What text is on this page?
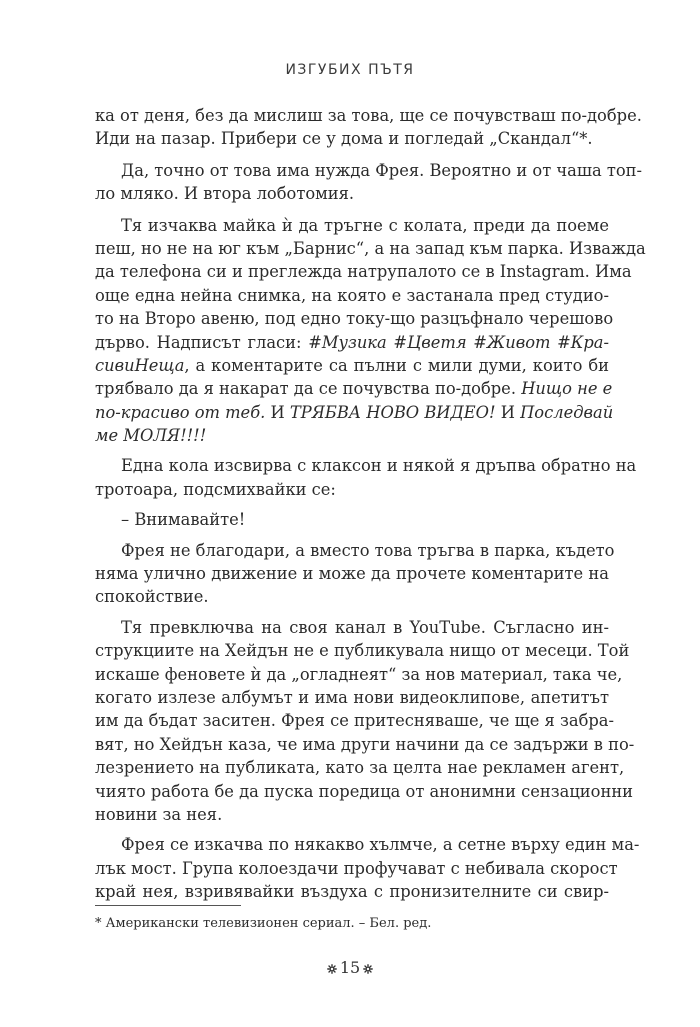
ИЗГУБИХ ПЪТЯ
ка от деня, без да мислиш за това, ще се почувстваш по-добре.
Иди на пазар. Прибери се у дома и погледай „Скандал“*.
Да, точно от това има нужда Фрея. Вероятно и от чаша топ-
ло мляко. И втора лоботомия.
Тя изчаква майка ѝ да тръгне с колата, преди да поеме
пеш, но не на юг към „Барнис“, а на запад към парка. Изважда
да телефона си и преглежда натрупалото се в Instagram. Има
още една нейна снимка, на която е застанала пред студио-
то на Второ авеню, под едно току-що разцъфнало черешово
дърво. Надписът гласи: #Музика #Цветя #Живот #Кра-
сивиНеща, а коментарите са пълни с мили думи, които би
трябвало да я накарат да се почувства по-добре. Нищо не е
по-красиво от теб. И ТРЯБВА НОВО ВИДЕО! И Последвай
ме МОЛЯ!!!!
Една кола изсвирва с клаксон и някой я дръпва обратно на
тротоара, подсмихвайки се:
– Внимавайте!
Фрея не благодари, а вместо това тръгва в парка, където
няма улично движение и може да прочете коментарите на
спокойствие.
Тя превключва на своя канал в YouTube. Съгласно ин-
струкциите на Хейдън не е публикувала нищо от месеци. Той
искаше феновете ѝ да „огладнеят“ за нов материал, така че,
когато излезе албумът и има нови видеоклипове, апетитът
им да бъдат заситен. Фрея се притесняваше, че ще я забра-
вят, но Хейдън каза, че има други начини да се задържи в по-
лезрението на публиката, като за целта нае рекламен агент,
чиято работа бе да пуска поредица от анонимни сензационни
новини за нея.
Фрея се изкачва по някакво хълмче, а сетне върху един ма-
лък мост. Група колоездачи профучават с небивала скорост
край нея, взривявайки въздуха с пронизителните си свир-
* Американски телевизионен сериал. – Бел. ред.
15
